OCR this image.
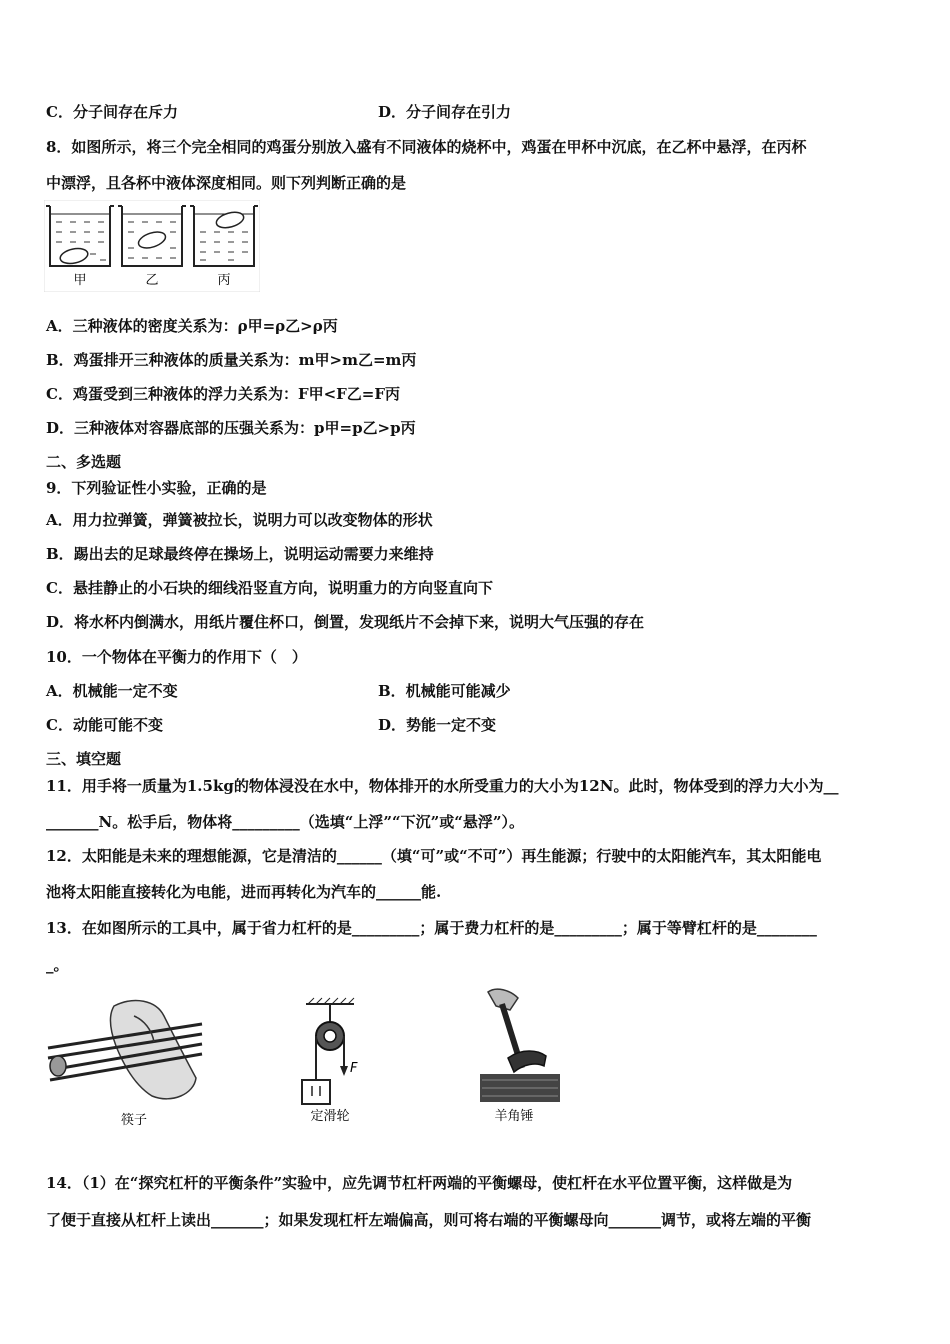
C．分子间存在斥力	D．分子间存在引力
8．如图所示，将三个完全相同的鸡蛋分别放入盛有不同液体的烧杯中，鸡蛋在甲杯中沉底，在乙杯中悬浮，在丙杯
中漂浮，且各杯中液体深度相同。则下列判断正确的是
甲	乙	丙
A．三种液体的密度关系为：ρ甲=ρ乙>ρ丙
B．鸡蛋排开三种液体的质量关系为：m甲>m乙=m丙
C．鸡蛋受到三种液体的浮力关系为：F甲<F乙=F丙
D．三种液体对容器底部的压强关系为：p甲=p乙>p丙
二、多选题
9．下列验证性小实验，正确的是
A．用力拉弹簧，弹簧被拉长，说明力可以改变物体的形状
B．踢出去的足球最终停在操场上，说明运动需要力来维持
C．悬挂静止的小石块的细线沿竖直方向，说明重力的方向竖直向下
D．将水杯内倒满水，用纸片覆住杯口，倒置，发现纸片不会掉下来，说明大气压强的存在
10．一个物体在平衡力的作用下（　）
A．机械能一定不变	B．机械能可能减少
C．动能可能不变	D．势能一定不变
三、填空题
11．用手将一质量为1.5kg的物体浸没在水中，物体排开的水所受重力的大小为12N。此时，物体受到的浮力大小为__
_______N。松手后，物体将_________（选填“上浮”“下沉”或“悬浮”）。
12．太阳能是未来的理想能源，它是清洁的______（填“可”或“不可”）再生能源；行驶中的太阳能汽车，其太阳能电
池将太阳能直接转化为电能，进而再转化为汽车的______能.
13．在如图所示的工具中，属于省力杠杆的是_________；属于费力杠杆的是_________；属于等臂杠杆的是________
_。
筷子
F
定滑轮	羊角锤
14．（1）在“探究杠杆的平衡条件”实验中，应先调节杠杆两端的平衡螺母，使杠杆在水平位置平衡，这样做是为
了便于直接从杠杆上读出_______；如果发现杠杆左端偏高，则可将右端的平衡螺母向_______调节，或将左端的平衡
